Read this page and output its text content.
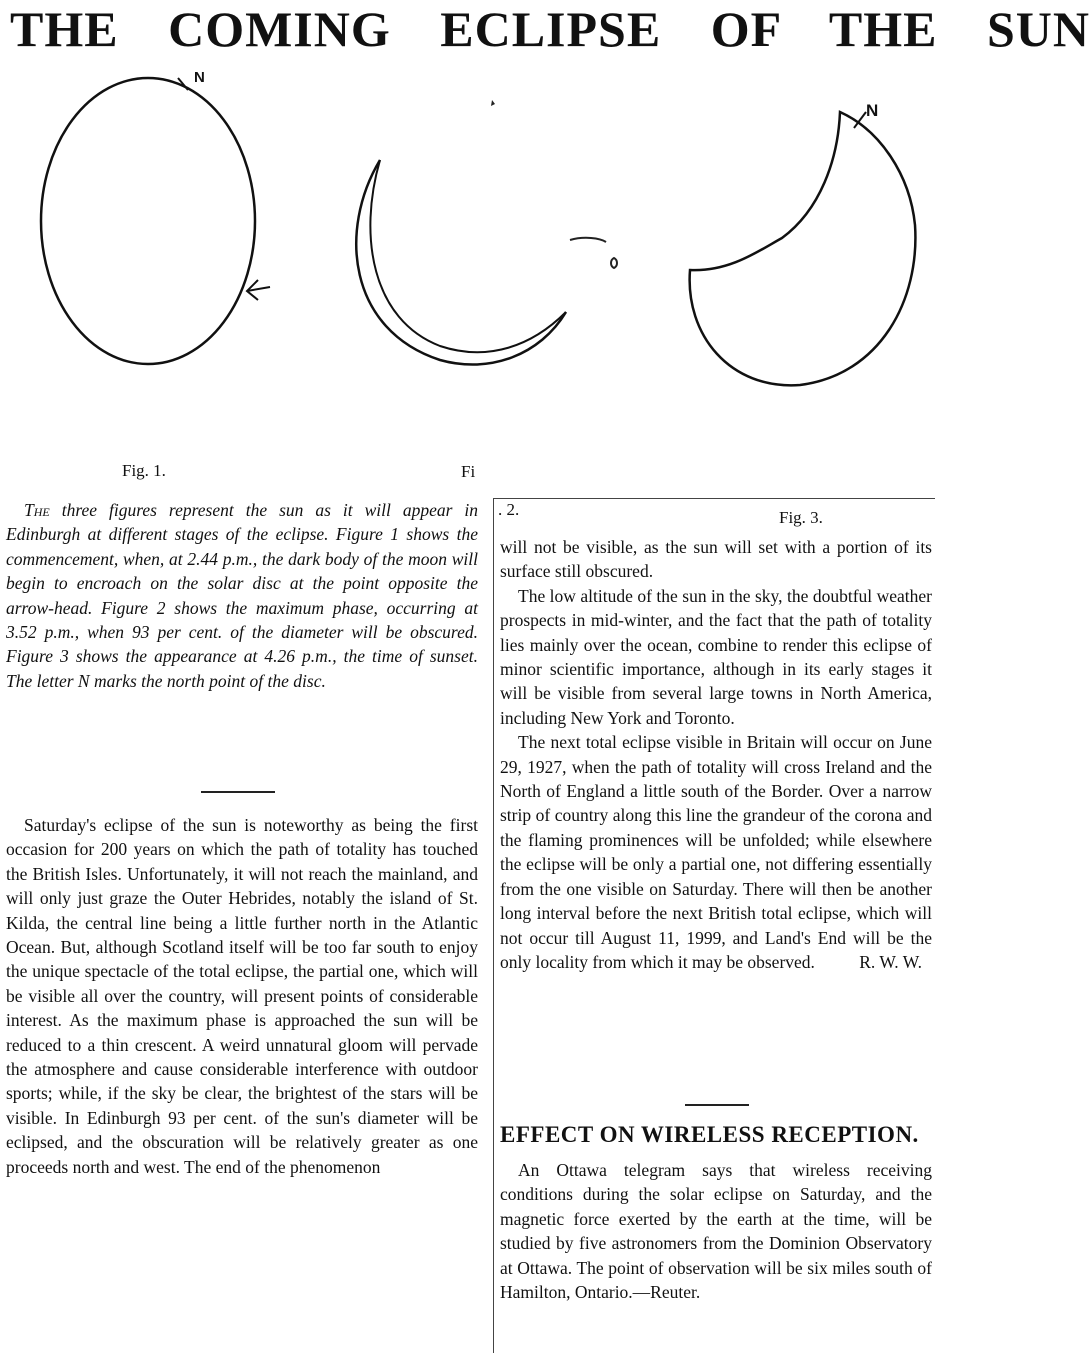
THE COMING ECLIPSE OF THE SUN
N
N
Fig. 1.	Fi

The three figures represent the sun as it will appear in Edinburgh at different stages of the eclipse. Figure 1 shows the commencement, when, at 2.44 p.m., the dark body of the moon will begin to encroach on the solar disc at the point opposite the arrow-head. Figure 2 shows the maximum phase, occurring at 3.52 p.m., when 93 per cent. of the diameter will be obscured. Figure 3 shows the appearance at 4.26 p.m., the time of sunset. The letter N marks the north point of the disc.

Saturday's eclipse of the sun is noteworthy as being the first occasion for 200 years on which the path of totality has touched the British Isles. Unfortunately, it will not reach the mainland, and will only just graze the Outer Hebrides, notably the island of St. Kilda, the central line being a little further north in the Atlantic Ocean. But, although Scotland itself will be too far south to enjoy the unique spectacle of the total eclipse, the partial one, which will be visible all over the country, will present points of considerable interest. As the maximum phase is approached the sun will be reduced to a thin crescent. A weird unnatural gloom will pervade the atmosphere and cause considerable interference with outdoor sports; while, if the sky be clear, the brightest of the stars will be visible. In Edinburgh 93 per cent. of the sun's diameter will be eclipsed, and the obscuration will be relatively greater as one proceeds north and west. The end of the phenomenon

. 2.	Fig. 3.

will not be visible, as the sun will set with a portion of its surface still obscured.

The low altitude of the sun in the sky, the doubtful weather prospects in mid-winter, and the fact that the path of totality lies mainly over the ocean, combine to render this eclipse of minor scientific importance, although in its early stages it will be visible from several large towns in North America, including New York and Toronto.

The next total eclipse visible in Britain will occur on June 29, 1927, when the path of totality will cross Ireland and the North of England a little south of the Border. Over a narrow strip of country along this line the grandeur of the corona and the flaming prominences will be unfolded; while elsewhere the eclipse will be only a partial one, not differing essentially from the one visible on Saturday. There will then be another long interval before the next British total eclipse, which will not occur till August 11, 1999, and Land's End will be the only locality from which it may be observed.	R. W. W.

EFFECT ON WIRELESS RECEPTION.

An Ottawa telegram says that wireless receiving conditions during the solar eclipse on Saturday, and the magnetic force exerted by the earth at the time, will be studied by five astronomers from the Dominion Observatory at Ottawa. The point of observation will be six miles south of Hamilton, Ontario.—Reuter.
